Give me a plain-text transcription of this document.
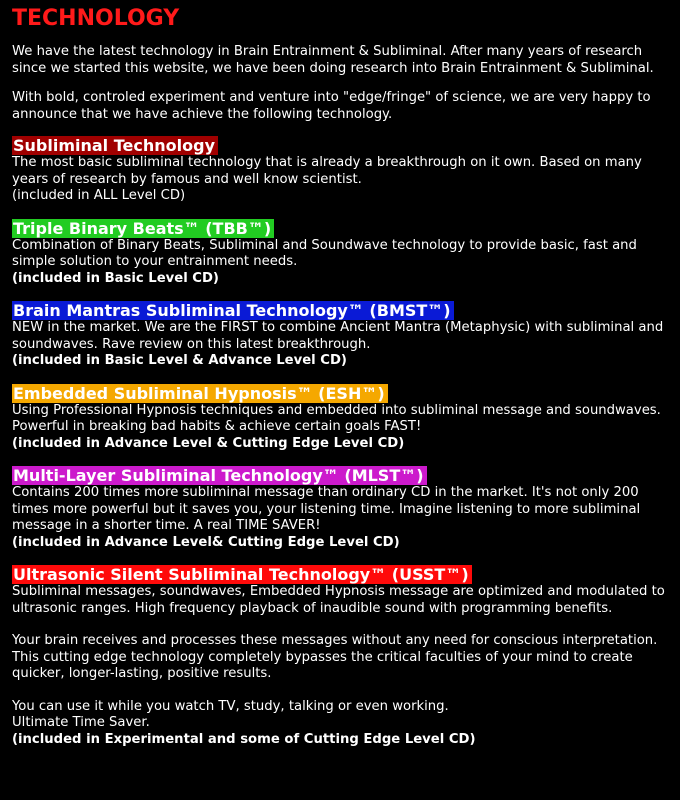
TECHNOLOGY

We have the latest technology in Brain Entrainment & Subliminal. After many years of research since we started this website, we have been doing research into Brain Entrainment & Subliminal.

With bold, controled experiment and venture into "edge/fringe" of science, we are very happy to announce that we have achieve the following technology.

Subliminal Technology
The most basic subliminal technology that is already a breakthrough on it own. Based on many years of research by famous and well know scientist.
(included in ALL Level CD)
Triple Binary Beats™ (TBB™)
Combination of Binary Beats, Subliminal and Soundwave technology to provide basic, fast and simple solution to your entrainment needs.
(included in Basic Level CD)
Brain Mantras Subliminal Technology™ (BMST™)
NEW in the market. We are the FIRST to combine Ancient Mantra (Metaphysic) with subliminal and soundwaves. Rave review on this latest breakthrough.
(included in Basic Level & Advance Level CD)
Embedded Subliminal Hypnosis™ (ESH™)
Using Professional Hypnosis techniques and embedded into subliminal message and soundwaves. Powerful in breaking bad habits & achieve certain goals FAST!
(included in Advance Level & Cutting Edge Level CD)
Multi-Layer Subliminal Technology™ (MLST™)
Contains 200 times more subliminal message than ordinary CD in the market. It's not only 200 times more powerful but it saves you, your listening time. Imagine listening to more subliminal message in a shorter time. A real TIME SAVER!
(included in Advance Level& Cutting Edge Level CD)
Ultrasonic Silent Subliminal Technology™ (USST™)
Subliminal messages, soundwaves, Embedded Hypnosis message are optimized and modulated to ultrasonic ranges. High frequency playback of inaudible sound with programming benefits.
Your brain receives and processes these messages without any need for conscious interpretation. This cutting edge technology completely bypasses the critical faculties of your mind to create quicker, longer-lasting, positive results.
You can use it while you watch TV, study, talking or even working.
Ultimate Time Saver.
(included in Experimental and some of Cutting Edge Level CD)
